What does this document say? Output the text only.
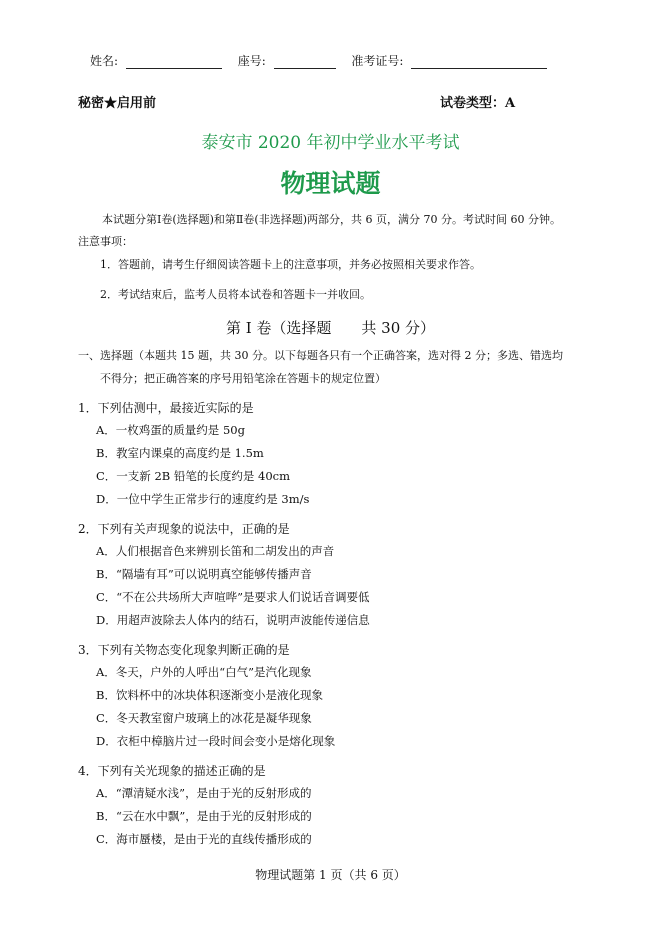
姓名:	座号:	准考证号:
秘密★启用前	试卷类型：A
泰安市 2020 年初中学业水平考试
物理试题
本试题分第Ⅰ卷(选择题)和第Ⅱ卷(非选择题)两部分，共 6 页，满分 70 分。考试时间 60 分钟。
注意事项：
1．答题前，请考生仔细阅读答题卡上的注意事项，并务必按照相关要求作答。
2．考试结束后，监考人员将本试卷和答题卡一并收回。
第 Ⅰ 卷（选择题　　共 30 分）
一、选择题（本题共 15 题，共 30 分。以下每题各只有一个正确答案，选对得 2 分；多选、错选均
不得分；把正确答案的序号用铅笔涂在答题卡的规定位置）
1．下列估测中，最接近实际的是
A．一枚鸡蛋的质量约是 50g
B．教室内课桌的高度约是 1.5m
C．一支新 2B 铅笔的长度约是 40cm
D．一位中学生正常步行的速度约是 3m/s
2．下列有关声现象的说法中，正确的是
A．人们根据音色来辨别长笛和二胡发出的声音
B．“隔墙有耳”可以说明真空能够传播声音
C．“不在公共场所大声喧哗”是要求人们说话音调要低
D．用超声波除去人体内的结石，说明声波能传递信息
3．下列有关物态变化现象判断正确的是
A．冬天，户外的人呼出“白气”是汽化现象
B．饮料杯中的冰块体积逐渐变小是液化现象
C．冬天教室窗户玻璃上的冰花是凝华现象
D．衣柜中樟脑片过一段时间会变小是熔化现象
4．下列有关光现象的描述正确的是
A．“潭清疑水浅”，是由于光的反射形成的
B．“云在水中飘”，是由于光的反射形成的
C．海市蜃楼，是由于光的直线传播形成的
物理试题第 1 页（共 6 页）
